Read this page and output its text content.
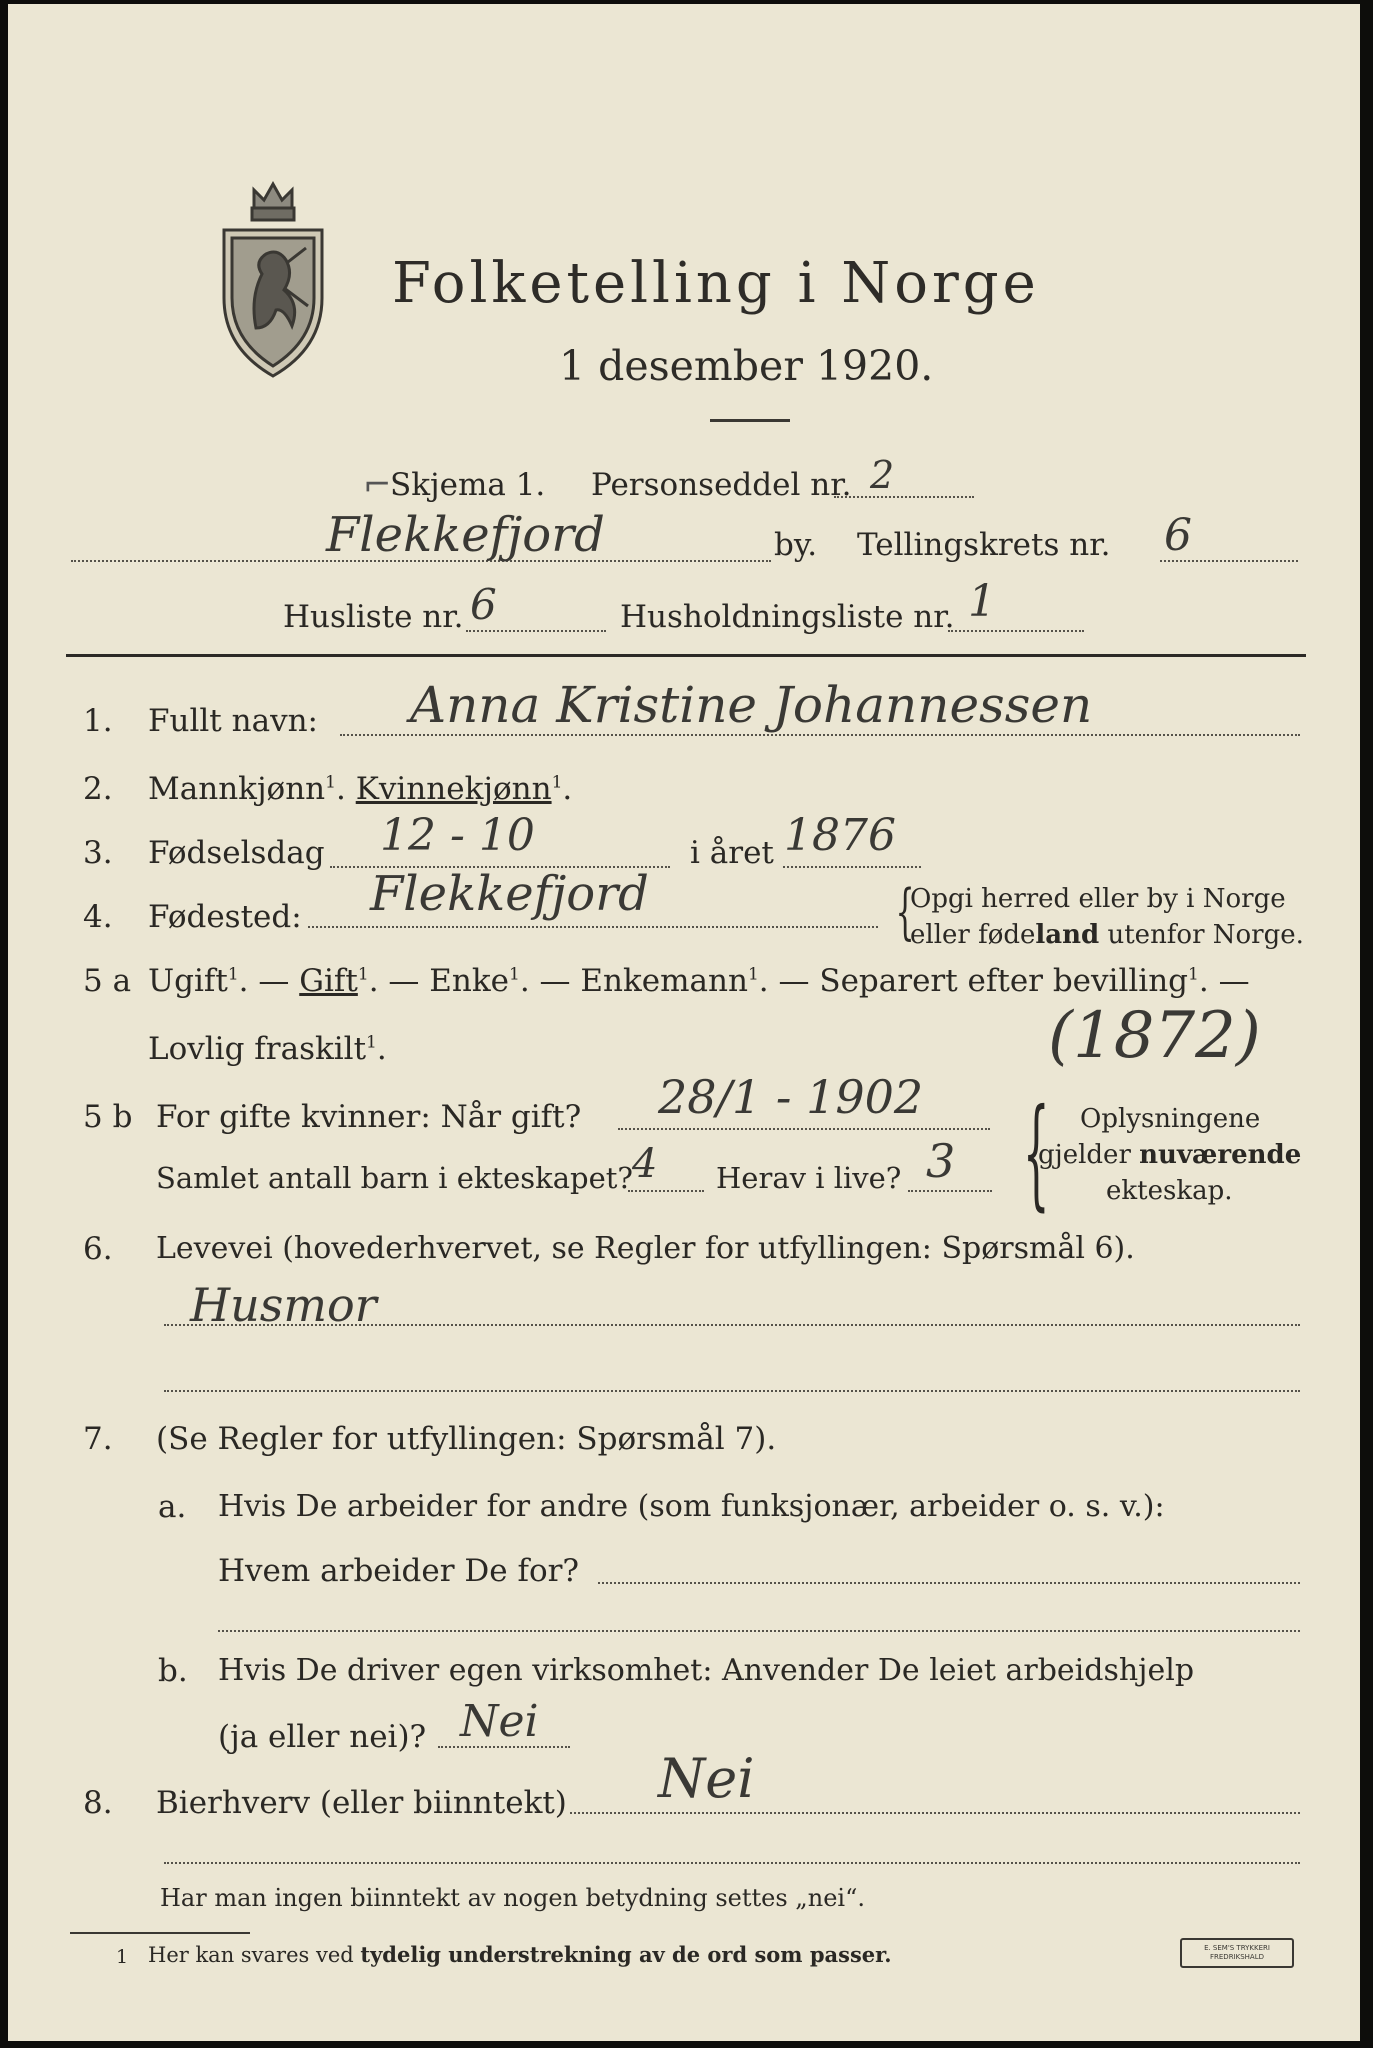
Folketelling i Norge
1 desember 1920.
⌐
Skjema 1. Personseddel nr. 2
Flekkefjord	by. Tellingskrets nr. 6
Husliste nr. 6	Husholdningsliste nr. 1
1. Fullt navn: Anna Kristine Johannessen
2. Mannkjønn$^1$. Kvinnekjønn$^1$.
3. Fødselsdag 12 - 10	i året 1876
4. Fødested: Flekkefjord	{
Opgi herred eller by i Norge
eller fødeland utenfor Norge.
5 a Ugift$^1$. — Gift$^1$. — Enke$^1$. — Enkemann$^1$. — Separert efter bevilling$^1$. —
Lovlig fraskilt$^1$.	(1872)
5 b For gifte kvinner: Når gift? 28/1 - 1902
Samlet antall barn i ekteskapet? 4 Herav i live? 3 { Oplysningene
gjelder nuværende
ekteskap.
6. Levevei (hovederhvervet, se Regler for utfyllingen: Spørsmål 6).
Husmor
7. (Se Regler for utfyllingen: Spørsmål 7).
a. Hvis De arbeider for andre (som funksjonær, arbeider o. s. v.):
Hvem arbeider De for?
b. Hvis De driver egen virksomhet: Anvender De leiet arbeidshjelp
(ja eller nei)? Nei
8. Bierhverv (eller biinntekt) Nei
Har man ingen biinntekt av nogen betydning settes „nei“.
1 Her kan svares ved tydelig understrekning av de ord som passer.	E. SEM'S TRYKKERI
FREDRIKSHALD
